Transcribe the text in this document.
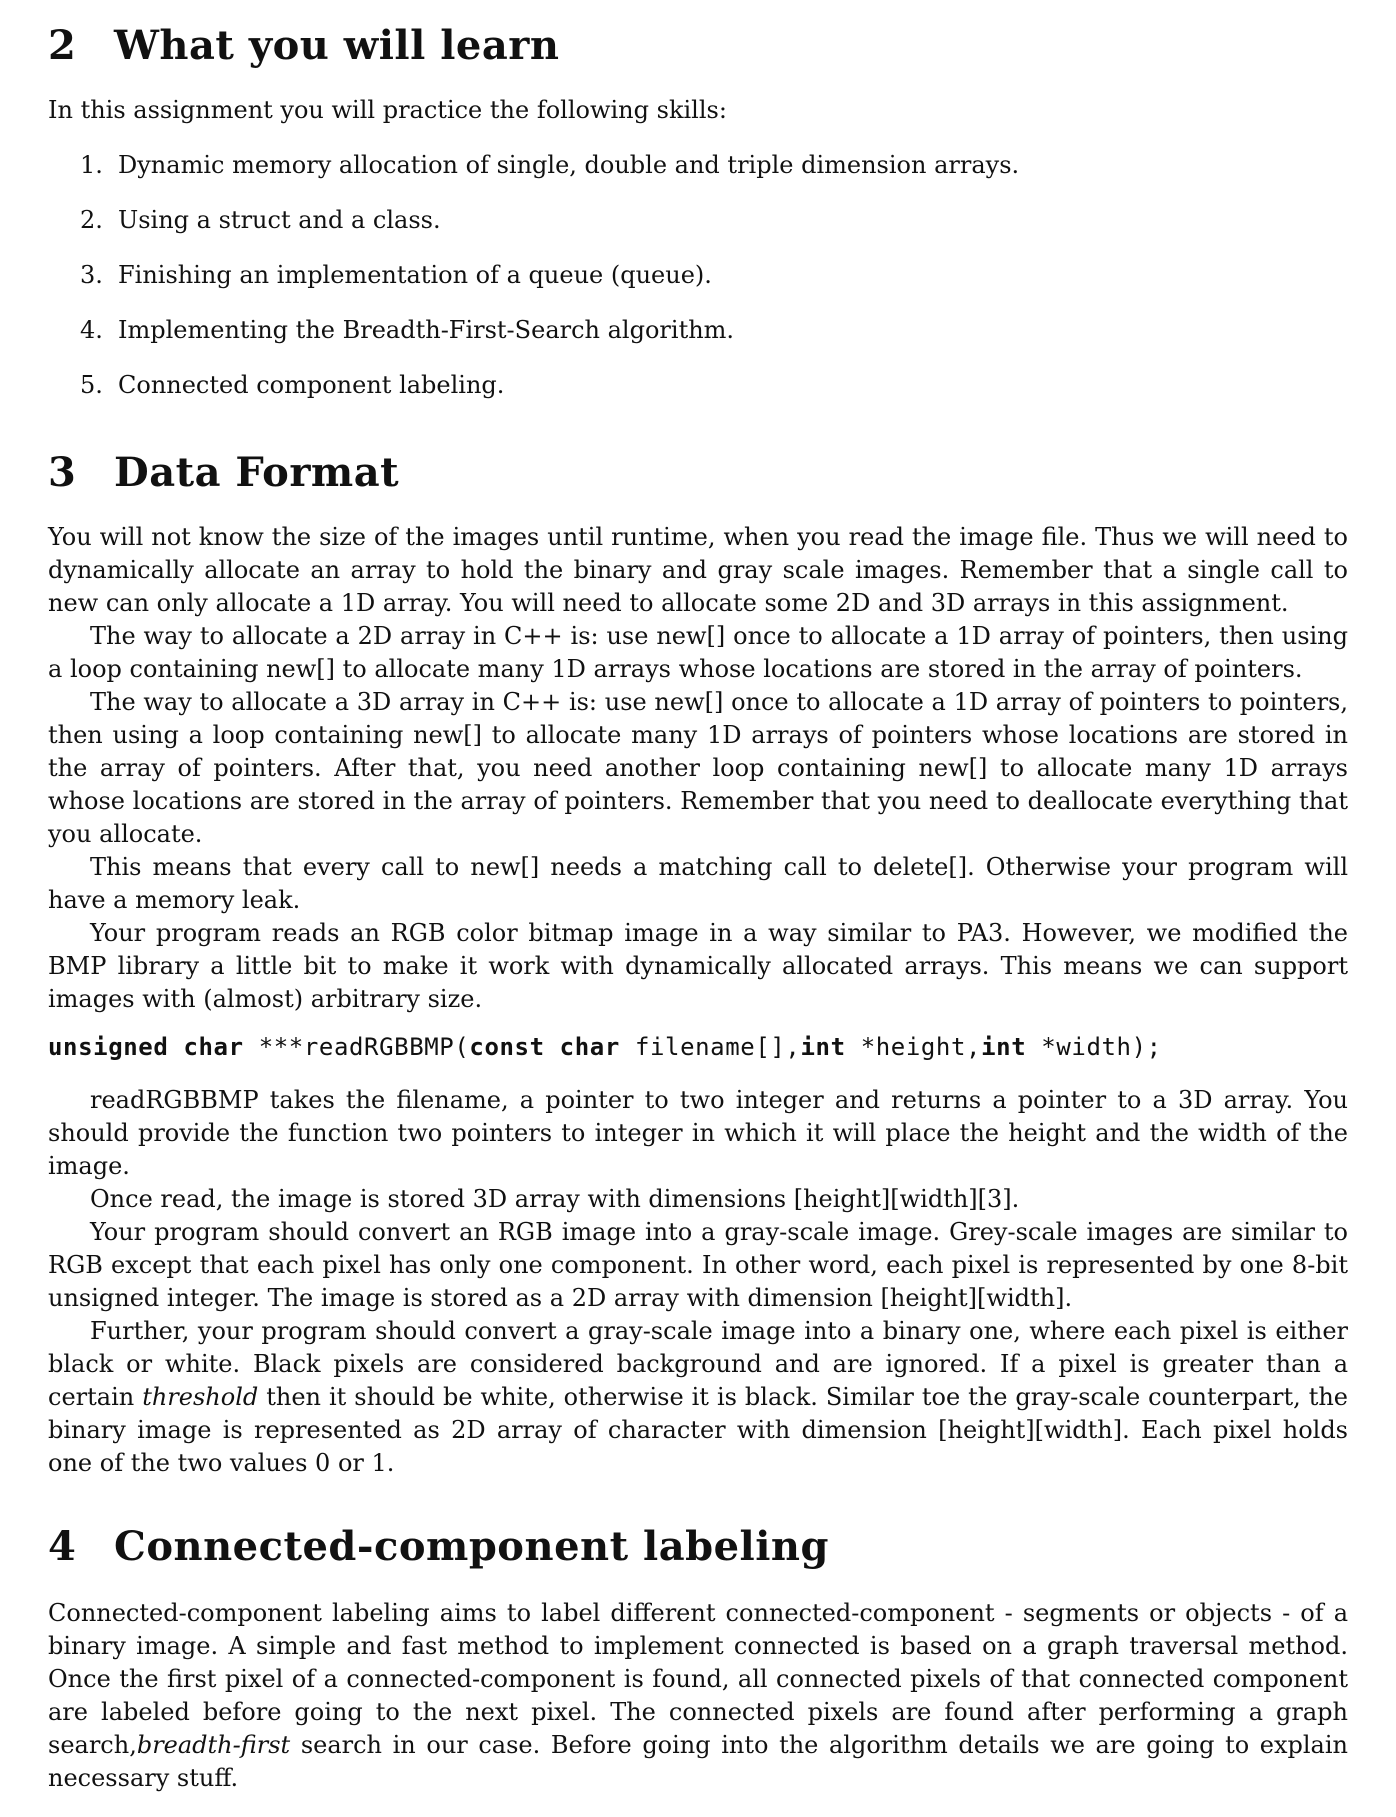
2 What you will learn

In this assignment you will practice the following skills:

1. Dynamic memory allocation of single, double and triple dimension arrays.
2. Using a struct and a class.
3. Finishing an implementation of a queue (queue).
4. Implementing the Breadth-First-Search algorithm.
5. Connected component labeling.
3 Data Format

You will not know the size of the images until runtime, when you read the image file. Thus we will need to dynamically allocate an array to hold the binary and gray scale images. Remember that a single call to new can only allocate a 1D array. You will need to allocate some 2D and 3D arrays in this assignment.

The way to allocate a 2D array in C++ is: use new[] once to allocate a 1D array of pointers, then using a loop containing new[] to allocate many 1D arrays whose locations are stored in the array of pointers.

The way to allocate a 3D array in C++ is: use new[] once to allocate a 1D array of pointers to pointers, then using a loop containing new[] to allocate many 1D arrays of pointers whose locations are stored in the array of pointers. After that, you need another loop containing new[] to allocate many 1D arrays whose locations are stored in the array of pointers. Remember that you need to deallocate everything that you allocate.

This means that every call to new[] needs a matching call to delete[]. Otherwise your program will have a memory leak.

Your program reads an RGB color bitmap image in a way similar to PA3. However, we modified the BMP library a little bit to make it work with dynamically allocated arrays. This means we can support images with (almost) arbitrary size.

unsigned char ***readRGBBMP(const char filename[],int *height,int *width);

readRGBBMP takes the filename, a pointer to two integer and returns a pointer to a 3D array. You should provide the function two pointers to integer in which it will place the height and the width of the image.

Once read, the image is stored 3D array with dimensions [height][width][3].

Your program should convert an RGB image into a gray-scale image. Grey-scale images are similar to RGB except that each pixel has only one component. In other word, each pixel is represented by one 8-bit unsigned integer. The image is stored as a 2D array with dimension [height][width].

Further, your program should convert a gray-scale image into a binary one, where each pixel is either black or white. Black pixels are considered background and are ignored. If a pixel is greater than a certain threshold then it should be white, otherwise it is black. Similar toe the gray-scale counterpart, the binary image is represented as 2D array of character with dimension [height][width]. Each pixel holds one of the two values 0 or 1.

4 Connected-component labeling

Connected-component labeling aims to label different connected-component - segments or objects - of a binary image. A simple and fast method to implement connected is based on a graph traversal method. Once the first pixel of a connected-component is found, all connected pixels of that connected component are labeled before going to the next pixel. The connected pixels are found after performing a graph search,breadth-first search in our case. Before going into the algorithm details we are going to explain necessary stuff.
